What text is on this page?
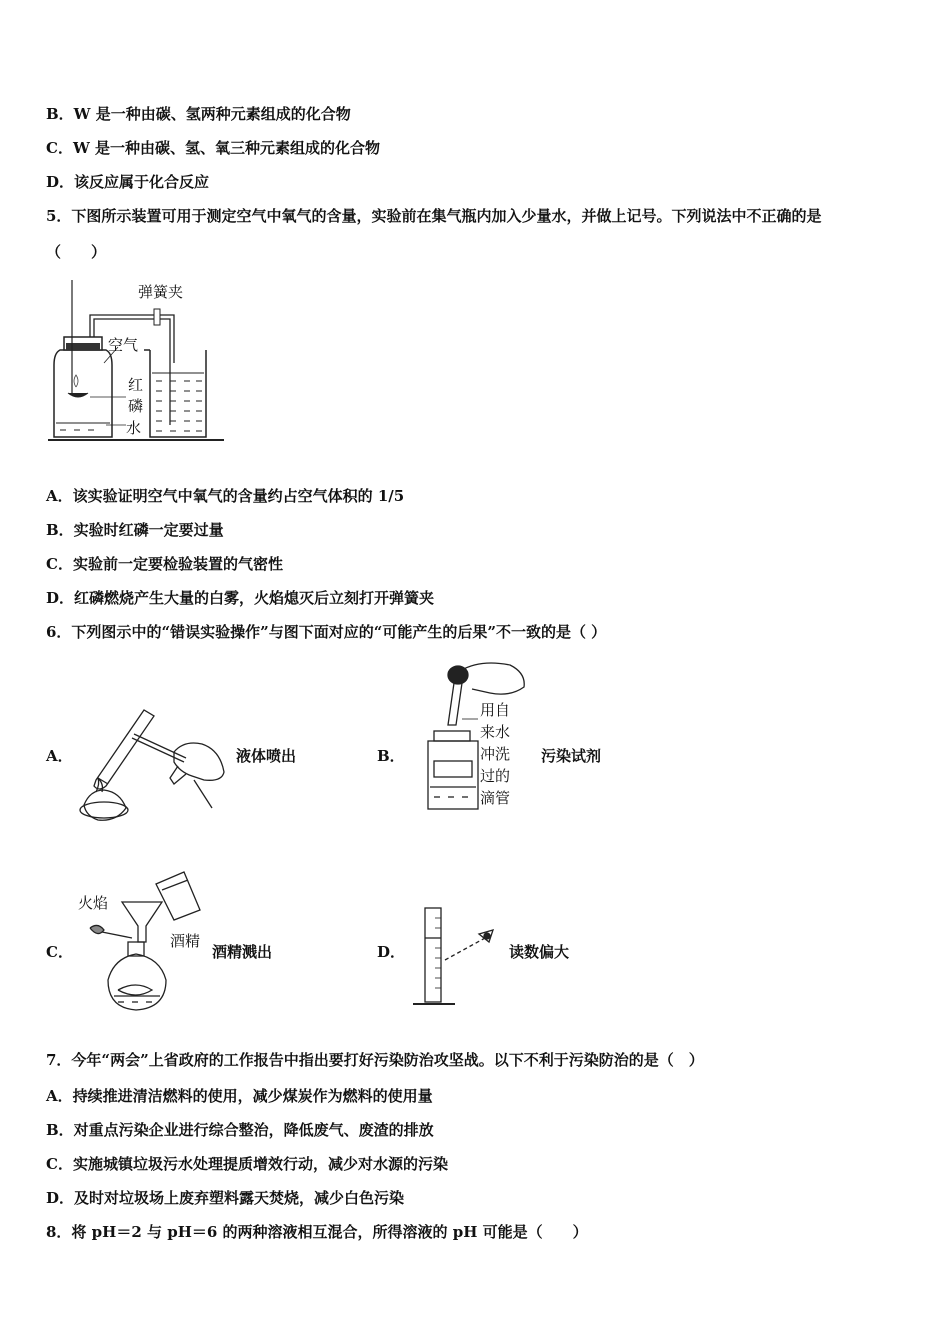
B．W 是一种由碳、氢两种元素组成的化合物
C．W 是一种由碳、氢、氧三种元素组成的化合物
D．该反应属于化合反应
5．下图所示装置可用于测定空气中氧气的含量，实验前在集气瓶内加入少量水，并做上记号。下列说法中不正确的是
（　　）
弹簧夹
空气
红
磷
水
A．该实验证明空气中氧气的含量约占空气体积的 1/5
B．实验时红磷一定要过量
C．实验前一定要检验装置的气密性
D．红磷燃烧产生大量的白雾，火焰熄灭后立刻打开弹簧夹
6．下列图示中的“错误实验操作”与图下面对应的“可能产生的后果”不一致的是（ ）
A．	液体喷出	B．
用自
来水
冲洗
过的
滴管
污染试剂
C．
火焰
酒精
酒精溅出	D．	读数偏大
7．今年“两会”上省政府的工作报告中指出要打好污染防治攻坚战。以下不利于污染防治的是（　）
A．持续推进清洁燃料的使用，减少煤炭作为燃料的使用量
B．对重点污染企业进行综合整治，降低废气、废渣的排放
C．实施城镇垃圾污水处理提质增效行动，减少对水源的污染
D．及时对垃圾场上废弃塑料露天焚烧，减少白色污染
8．将 pH＝2 与 pH＝6 的两种溶液相互混合，所得溶液的 pH 可能是（　　）
